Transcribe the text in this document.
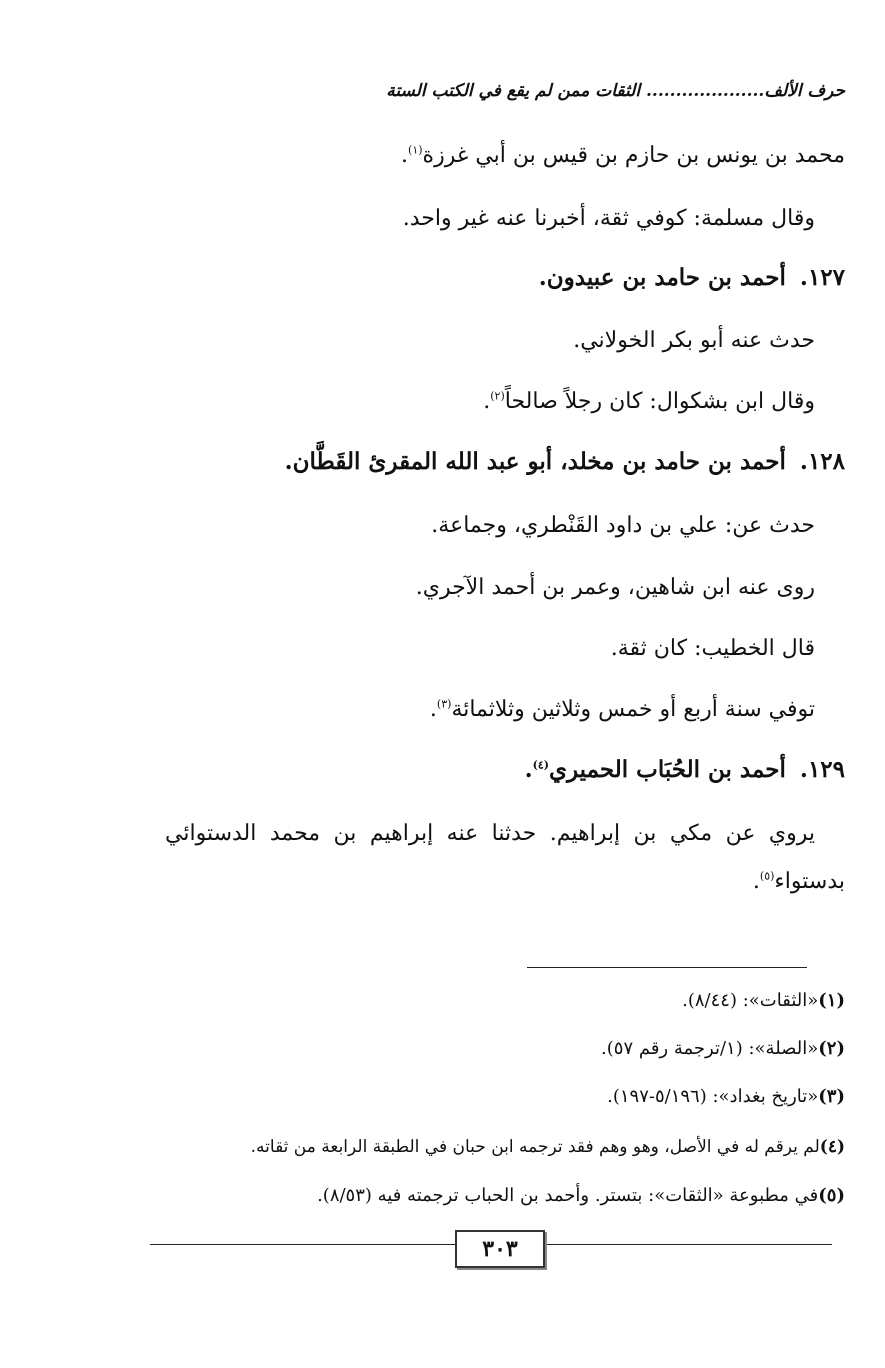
حرف الألف.................... الثقات ممن لم يقع في الكتب الستة
محمد بن يونس بن حازم بن قيس بن أبي غرزة$^{(١)}$.
وقال مسلمة: كوفي ثقة، أخبرنا عنه غير واحد.
١٢٧.أحمد بن حامد بن عبيدون.
حدث عنه أبو بكر الخولاني.
وقال ابن بشكوال: كان رجلاً صالحاً$^{(٢)}$.
١٢٨.أحمد بن حامد بن مخلد، أبو عبد الله المقرئ القَطَّان.
حدث عن: علي بن داود القَنْطري، وجماعة.
روى عنه ابن شاهين، وعمر بن أحمد الآجري.
قال الخطيب: كان ثقة.
توفي سنة أربع أو خمس وثلاثين وثلاثمائة$^{(٣)}$.
١٢٩.أحمد بن الحُبَاب الحميري$^{(٤)}$.
يروي عن مكي بن إبراهيم. حدثنا عنه إبراهيم بن محمد الدستوائي
بدستواء$^{(٥)}$.
(١)«الثقات»: (٨/٤٤).
(٢)«الصلة»: (١/ترجمة رقم ٥٧).
(٣)«تاريخ بغداد»: (٥/١٩٦-١٩٧).
(٤)لم يرقم له في الأصل، وهو وهم فقد ترجمه ابن حبان في الطبقة الرابعة من ثقاته.
(٥)في مطبوعة «الثقات»: بتستر. وأحمد بن الحباب ترجمته فيه (٨/٥٣).
٣٠٣
